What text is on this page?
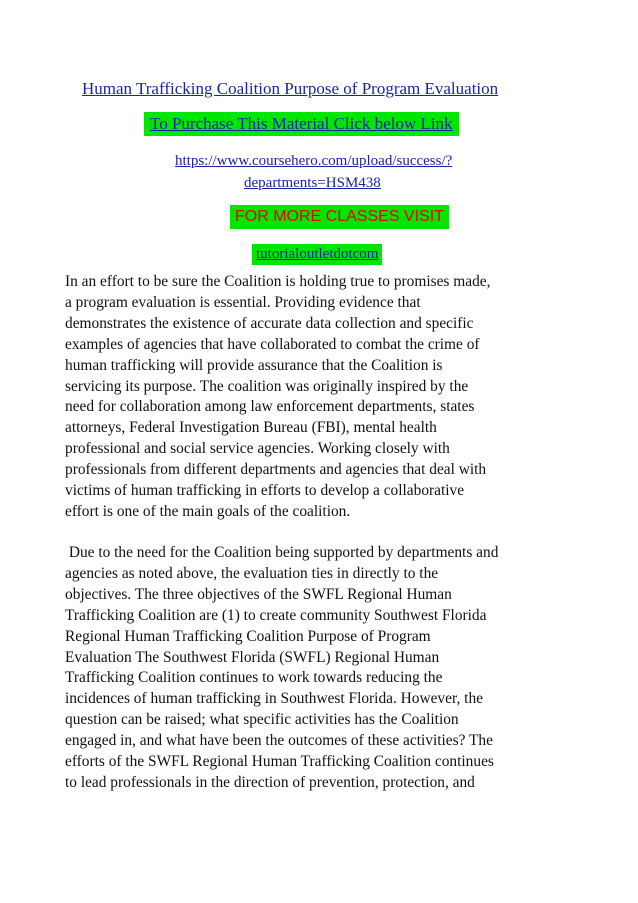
Human Trafficking Coalition Purpose of Program Evaluation
To Purchase This Material Click below Link
https://www.coursehero.com/upload/success/?
departments=HSM438
FOR MORE CLASSES VISIT
tutorialoutletdotcom
In an effort to be sure the Coalition is holding true to promises made,
a program evaluation is essential. Providing evidence that
demonstrates the existence of accurate data collection and specific
examples of agencies that have collaborated to combat the crime of
human trafficking will provide assurance that the Coalition is
servicing its purpose. The coalition was originally inspired by the
need for collaboration among law enforcement departments, states
attorneys, Federal Investigation Bureau (FBI), mental health
professional and social service agencies. Working closely with
professionals from different departments and agencies that deal with
victims of human trafficking in efforts to develop a collaborative
effort is one of the main goals of the coalition.
Due to the need for the Coalition being supported by departments and
agencies as noted above, the evaluation ties in directly to the
objectives. The three objectives of the SWFL Regional Human
Trafficking Coalition are (1) to create community Southwest Florida
Regional Human Trafficking Coalition Purpose of Program
Evaluation The Southwest Florida (SWFL) Regional Human
Trafficking Coalition continues to work towards reducing the
incidences of human trafficking in Southwest Florida. However, the
question can be raised; what specific activities has the Coalition
engaged in, and what have been the outcomes of these activities? The
efforts of the SWFL Regional Human Trafficking Coalition continues
to lead professionals in the direction of prevention, protection, and
